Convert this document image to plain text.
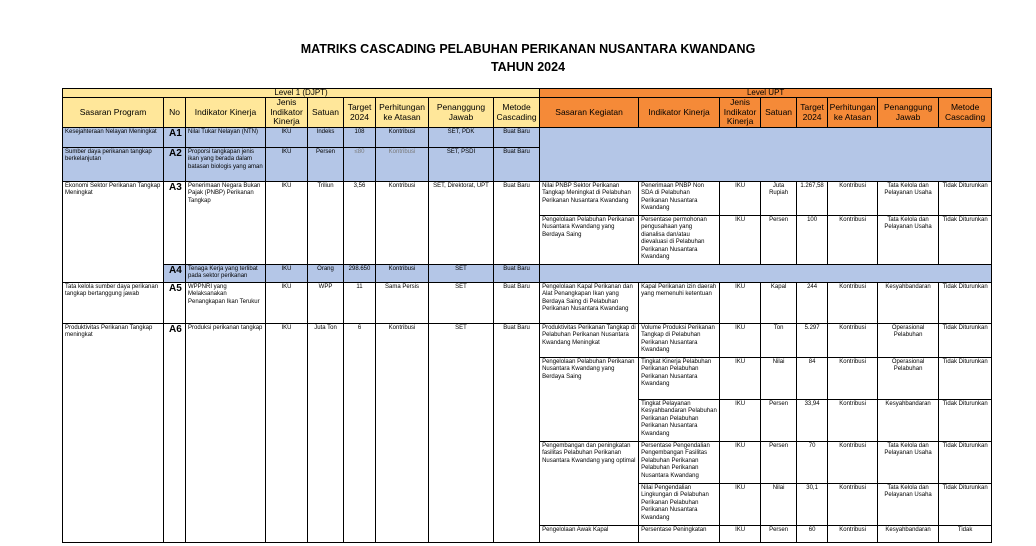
MATRIKS CASCADING PELABUHAN PERIKANAN NUSANTARA KWANDANG
TAHUN 2024
Level 1 (DJPT)									Level UPT							
Sasaran Program	No	Indikator Kinerja	Jenis Indikator Kinerja	Satuan	Target 2024	Perhitungan ke Atasan	Penanggung Jawab	Metode Cascading	Sasaran Kegiatan	Indikator Kinerja	Jenis Indikator Kinerja	Satuan	Target 2024	Perhitungan ke Atasan	Penanggung Jawab	Metode Cascading
Kesejahteraan Nelayan Meningkat	A1	Nilai Tukar Nelayan (NTN)	IKU	Indeks	108	Kontribusi	SET, PDK	Buat Baru								
Sumber daya perikanan tangkap berkelanjutan	A2	Proporsi tangkapan jenis ikan yang berada dalam batasan biologis yang aman	IKU	Persen	≤80	Kontribusi	SET, PSDI	Buat Baru								
Ekonomi Sektor Perikanan Tangkap Meningkat	A3	Penerimaan Negara Bukan Pajak (PNBP) Perikanan Tangkap	IKU	Triliun	3,56	Kontribusi	SET, Direktorat, UPT	Buat Baru	Nilai PNBP Sektor Perikanan Tangkap Meningkat di Pelabuhan Perikanan Nusantara Kwandang	Penerimaan PNBP Non SDA di Pelabuhan Perikanan Nusantara Kwandang	IKU	Juta Rupiah	1.267,58	Kontribusi	Tata Kelola dan Pelayanan Usaha	Tidak Diturunkan
									Pengelolaan Pelabuhan Perikanan Nusantara Kwandang yang Berdaya Saing	Persentase permohonan pengusahaan yang dianalisa dan/atau dievaluasi di Pelabuhan Perikanan Nusantara Kwandang	IKU	Persen	100	Kontribusi	Tata Kelola dan Pelayanan Usaha	Tidak Diturunkan
	A4	Tenaga Kerja yang terlibat pada sektor perikanan	IKU	Orang	298.650	Kontribusi	SET	Buat Baru								
Tata kelola sumber daya perikanan tangkap bertanggung jawab	A5	WPPNRI yang Melaksanakan Penangkapan Ikan Terukur	IKU	WPP	11	Sama Persis	SET	Buat Baru	Pengelolaan Kapal Perikanan dan Alat Penangkapan Ikan yang Berdaya Saing di Pelabuhan Perikanan Nusantara Kwandang	Kapal Perikanan izin daerah yang memenuhi ketentuan	IKU	Kapal	244	Kontribusi	Kesyahbandaran	Tidak Diturunkan
Produktivitas Perikanan Tangkap meningkat	A6	Produksi perikanan tangkap	IKU	Juta Ton	6	Kontribusi	SET	Buat Baru	Produktivitas Perikanan Tangkap di Pelabuhan Perikanan Nusantara Kwandang Meningkat	Volume Produksi Perikanan Tangkap di Pelabuhan Perikanan Nusantara Kwandang	IKU	Ton	5.297	Kontribusi	Operasional Pelabuhan	Tidak Diturunkan
									Pengelolaan Pelabuhan Perikanan Nusantara Kwandang yang Berdaya Saing	Tingkat Kinerja Pelabuhan Perikanan Pelabuhan Perikanan Nusantara Kwandang	IKU	Nilai	84	Kontribusi	Operasional Pelabuhan	Tidak Diturunkan
										Tingkat Pelayanan Kesyahbandaran Pelabuhan Perikanan Pelabuhan Perikanan Nusantara Kwandang	IKU	Persen	33,94	Kontribusi	Kesyahbandaran	Tidak Diturunkan
									Pengembangan dan peningkatan fasilitas Pelabuhan Perikanan Nusantara Kwandang yang optimal	Persentase Pengendalian Pengembangan Fasilitas Pelabuhan Perikanan Pelabuhan Perikanan Nusantara Kwandang	IKU	Persen	70	Kontribusi	Tata Kelola dan Pelayanan Usaha	Tidak Diturunkan
										Nilai Pengendalian Lingkungan di Pelabuhan Perikanan Pelabuhan Perikanan Nusantara Kwandang	IKU	Nilai	30,1	Kontribusi	Tata Kelola dan Pelayanan Usaha	Tidak Diturunkan
									Pengelolaan Awak Kapal	Persentase Peningkatan	IKU	Persen	60	Kontribusi	Kesyahbandaran	Tidak
